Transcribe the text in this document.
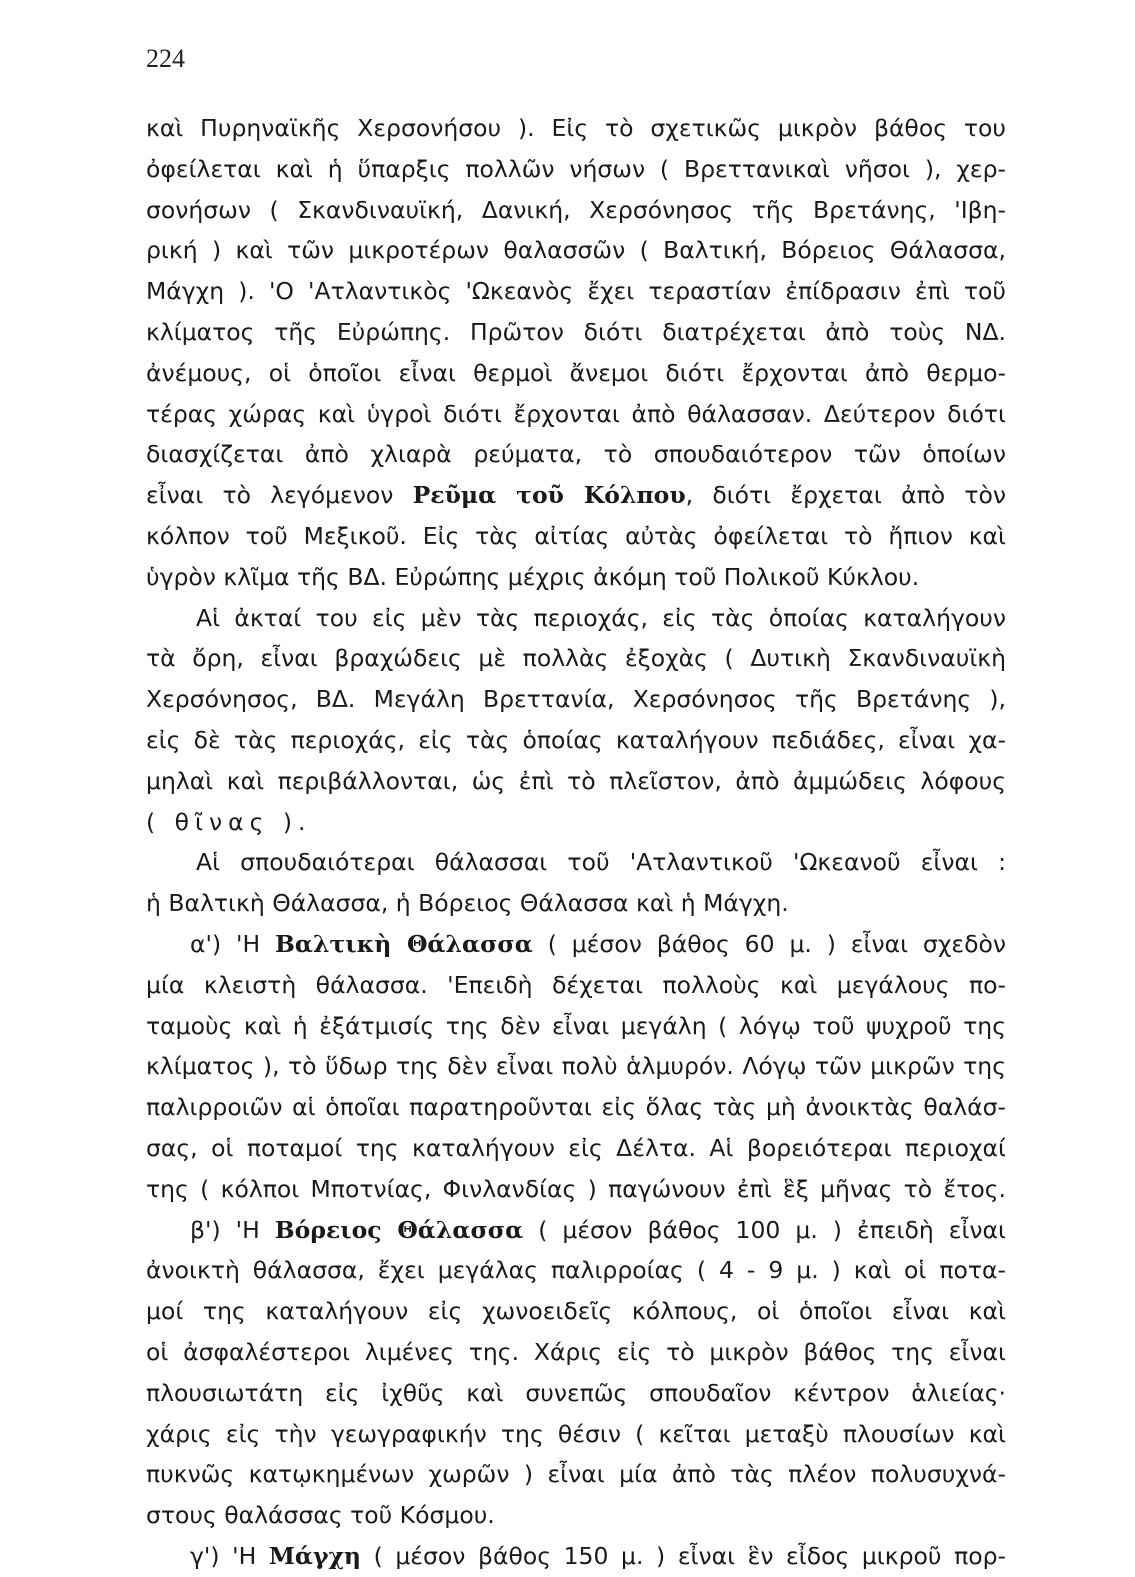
224
καὶ Πυρηναϊκῆς Χερσονήσου ). Εἰς τὸ σχετικῶς μικρὸν βάθος του
ὀφείλεται καὶ ἡ ὕπαρξις πολλῶν νήσων ( Βρεττανικαὶ νῆσοι ), χερ-
σονήσων ( Σκανδιναυϊκή, Δανική, Χερσόνησος τῆς Βρετάνης, 'Ιβη-
ρική ) καὶ τῶν μικροτέρων θαλασσῶν ( Βαλτική, Βόρειος Θάλασσα,
Μάγχη ). 'Ο 'Ατλαντικὸς 'Ωκεανὸς ἔχει τεραστίαν ἐπίδρασιν ἐπὶ τοῦ
κλίματος τῆς Εὐρώπης. Πρῶτον διότι διατρέχεται ἀπὸ τοὺς ΝΔ.
ἀνέμους, οἱ ὁποῖοι εἶναι θερμοὶ ἄνεμοι διότι ἔρχονται ἀπὸ θερμο-
τέρας χώρας καὶ ὑγροὶ διότι ἔρχονται ἀπὸ θάλασσαν. Δεύτερον διότι
διασχίζεται ἀπὸ χλιαρὰ ρεύματα, τὸ σπουδαιότερον τῶν ὁποίων
εἶναι τὸ λεγόμενον Ρεῦμα τοῦ Κόλπου, διότι ἔρχεται ἀπὸ τὸν
κόλπον τοῦ Μεξικοῦ. Εἰς τὰς αἰτίας αὐτὰς ὀφείλεται τὸ ἤπιον καὶ
ὑγρὸν κλῖμα τῆς ΒΔ. Εὐρώπης μέχρις ἀκόμη τοῦ Πολικοῦ Κύκλου.
Αἱ ἀκταί του εἰς μὲν τὰς περιοχάς, εἰς τὰς ὁποίας καταλήγουν
τὰ ὄρη, εἶναι βραχώδεις μὲ πολλὰς ἐξοχὰς ( Δυτικὴ Σκανδιναυϊκὴ
Χερσόνησος, ΒΔ. Μεγάλη Βρεττανία, Χερσόνησος τῆς Βρετάνης ),
εἰς δὲ τὰς περιοχάς, εἰς τὰς ὁποίας καταλήγουν πεδιάδες, εἶναι χα-
μηλαὶ καὶ περιβάλλονται, ὡς ἐπὶ τὸ πλεῖστον, ἀπὸ ἀμμώδεις λόφους
( θῖνας ).
Αἱ σπουδαιότεραι θάλασσαι τοῦ 'Ατλαντικοῦ 'Ωκεανοῦ εἶναι :
ἡ Βαλτικὴ Θάλασσα, ἡ Βόρειος Θάλασσα καὶ ἡ Μάγχη.
α') 'Η Βαλτικὴ Θάλασσα ( μέσον βάθος 60 μ. ) εἶναι σχεδὸν
μία κλειστὴ θάλασσα. 'Επειδὴ δέχεται πολλοὺς καὶ μεγάλους πο-
ταμοὺς καὶ ἡ ἐξάτμισίς της δὲν εἶναι μεγάλη ( λόγῳ τοῦ ψυχροῦ της
κλίματος ), τὸ ὕδωρ της δὲν εἶναι πολὺ ἁλμυρόν. Λόγῳ τῶν μικρῶν της
παλιρροιῶν αἱ ὁποῖαι παρατηροῦνται εἰς ὅλας τὰς μὴ ἀνοικτὰς θαλάσ-
σας, οἱ ποταμοί της καταλήγουν εἰς Δέλτα. Αἱ βορειότεραι περιοχαί
της ( κόλποι Μποτνίας, Φινλανδίας ) παγώνουν ἐπὶ ἓξ μῆνας τὸ ἔτος.
β') 'Η Βόρειος Θάλασσα ( μέσον βάθος 100 μ. ) ἐπειδὴ εἶναι
ἀνοικτὴ θάλασσα, ἔχει μεγάλας παλιρροίας ( 4 - 9 μ. ) καὶ οἱ ποτα-
μοί της καταλήγουν εἰς χωνοειδεῖς κόλπους, οἱ ὁποῖοι εἶναι καὶ
οἱ ἀσφαλέστεροι λιμένες της. Χάρις εἰς τὸ μικρὸν βάθος της εἶναι
πλουσιωτάτη εἰς ἰχθῦς καὶ συνεπῶς σπουδαῖον κέντρον ἁλιείας·
χάρις εἰς τὴν γεωγραφικήν της θέσιν ( κεῖται μεταξὺ πλουσίων καὶ
πυκνῶς κατῳκημένων χωρῶν ) εἶναι μία ἀπὸ τὰς πλέον πολυσυχνά-
στους θαλάσσας τοῦ Κόσμου.
γ') 'Η Μάγχη ( μέσον βάθος 150 μ. ) εἶναι ἓν εἶδος μικροῦ πορ-
